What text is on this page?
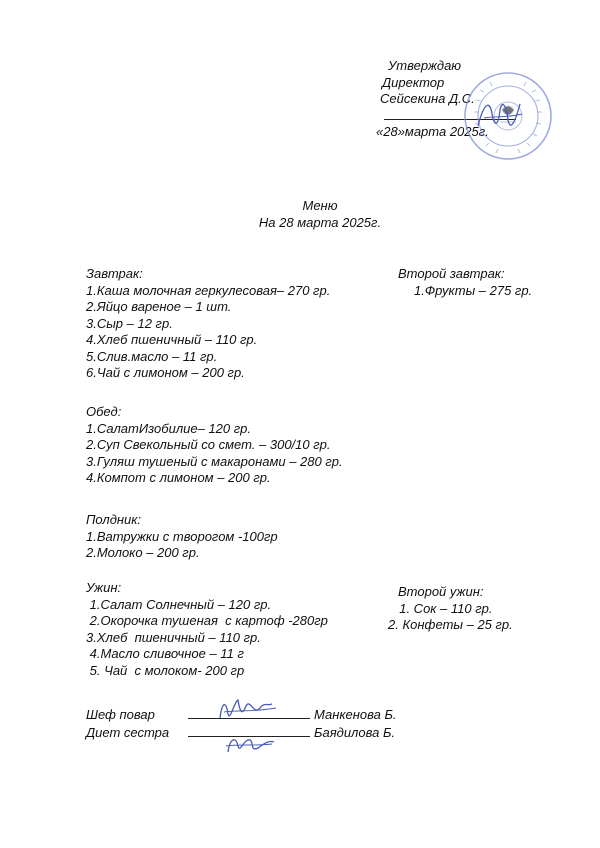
Утверждаю
Директор
Сейсекина Д.С.
«28»марта 2025г.
Меню
На 28 марта 2025г.
Завтрак:
1.Каша молочная геркулесовая– 270 гр.
2.Яйцо вареное – 1 шт.
3.Сыр – 12 гр.
4.Хлеб пшеничный – 110 гр.
5.Слив.масло – 11 гр.
6.Чай с лимоном – 200 гр.
Второй завтрак:
1.Фрукты – 275 гр.
Обед:
1.СалатИзобилие– 120 гр.
2.Суп Свекольный со смет. – 300/10 гр.
3.Гуляш тушеный с макаронами – 280 гр.
4.Компот с лимоном – 200 гр.
Полдник:
1.Ватружки с творогом -100гр
2.Молоко – 200 гр.
Ужин:
1.Салат Солнечный – 120 гр.
2.Окорочка тушеная  с картоф -280гр
3.Хлеб  пшеничный – 110 гр.
4.Масло сливочное – 11 г
5. Чай  с молоком- 200 гр
Второй ужин:
1. Сок – 110 гр.
2. Конфеты – 25 гр.
Шеф повар	Манкенова Б.
Диет сестра	Баядилова Б.
